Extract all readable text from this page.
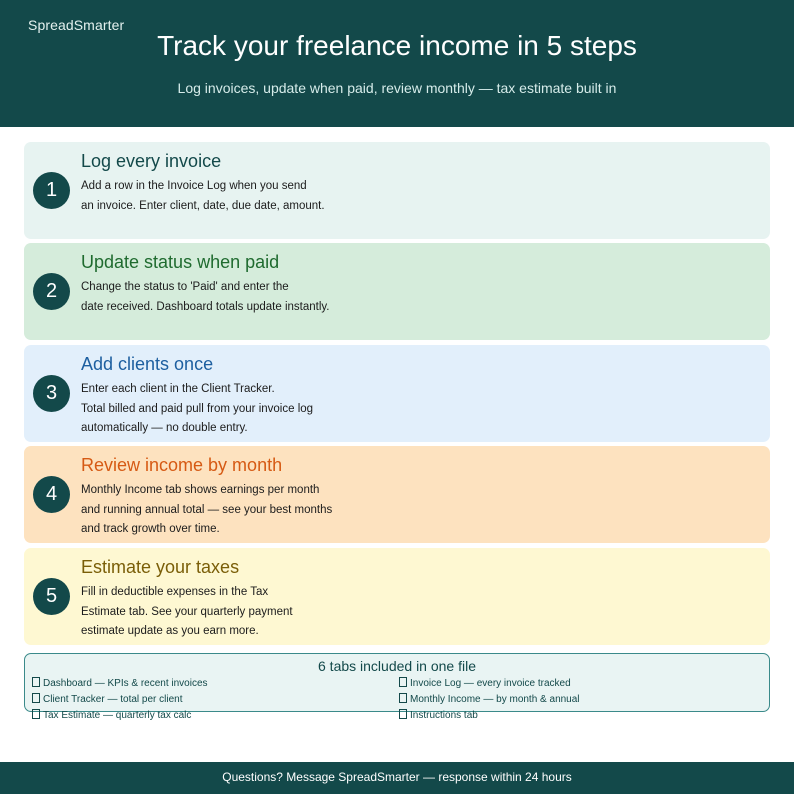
SpreadSmarter
Track your freelance income in 5 steps
Log invoices, update when paid, review monthly — tax estimate built in
1
Log every invoice
Add a row in the Invoice Log when you send
an invoice. Enter client, date, due date, amount.
2
Update status when paid
Change the status to 'Paid' and enter the
date received. Dashboard totals update instantly.
3
Add clients once
Enter each client in the Client Tracker.
Total billed and paid pull from your invoice log
automatically — no double entry.
4
Review income by month
Monthly Income tab shows earnings per month
and running annual total — see your best months
and track growth over time.
5
Estimate your taxes
Fill in deductible expenses in the Tax
Estimate tab. See your quarterly payment
estimate update as you earn more.
6 tabs included in one file
Dashboard — KPIs & recent invoices	Invoice Log — every invoice tracked
Client Tracker — total per client	Monthly Income — by month & annual
Tax Estimate — quarterly tax calc	Instructions tab
Questions? Message SpreadSmarter — response within 24 hours
